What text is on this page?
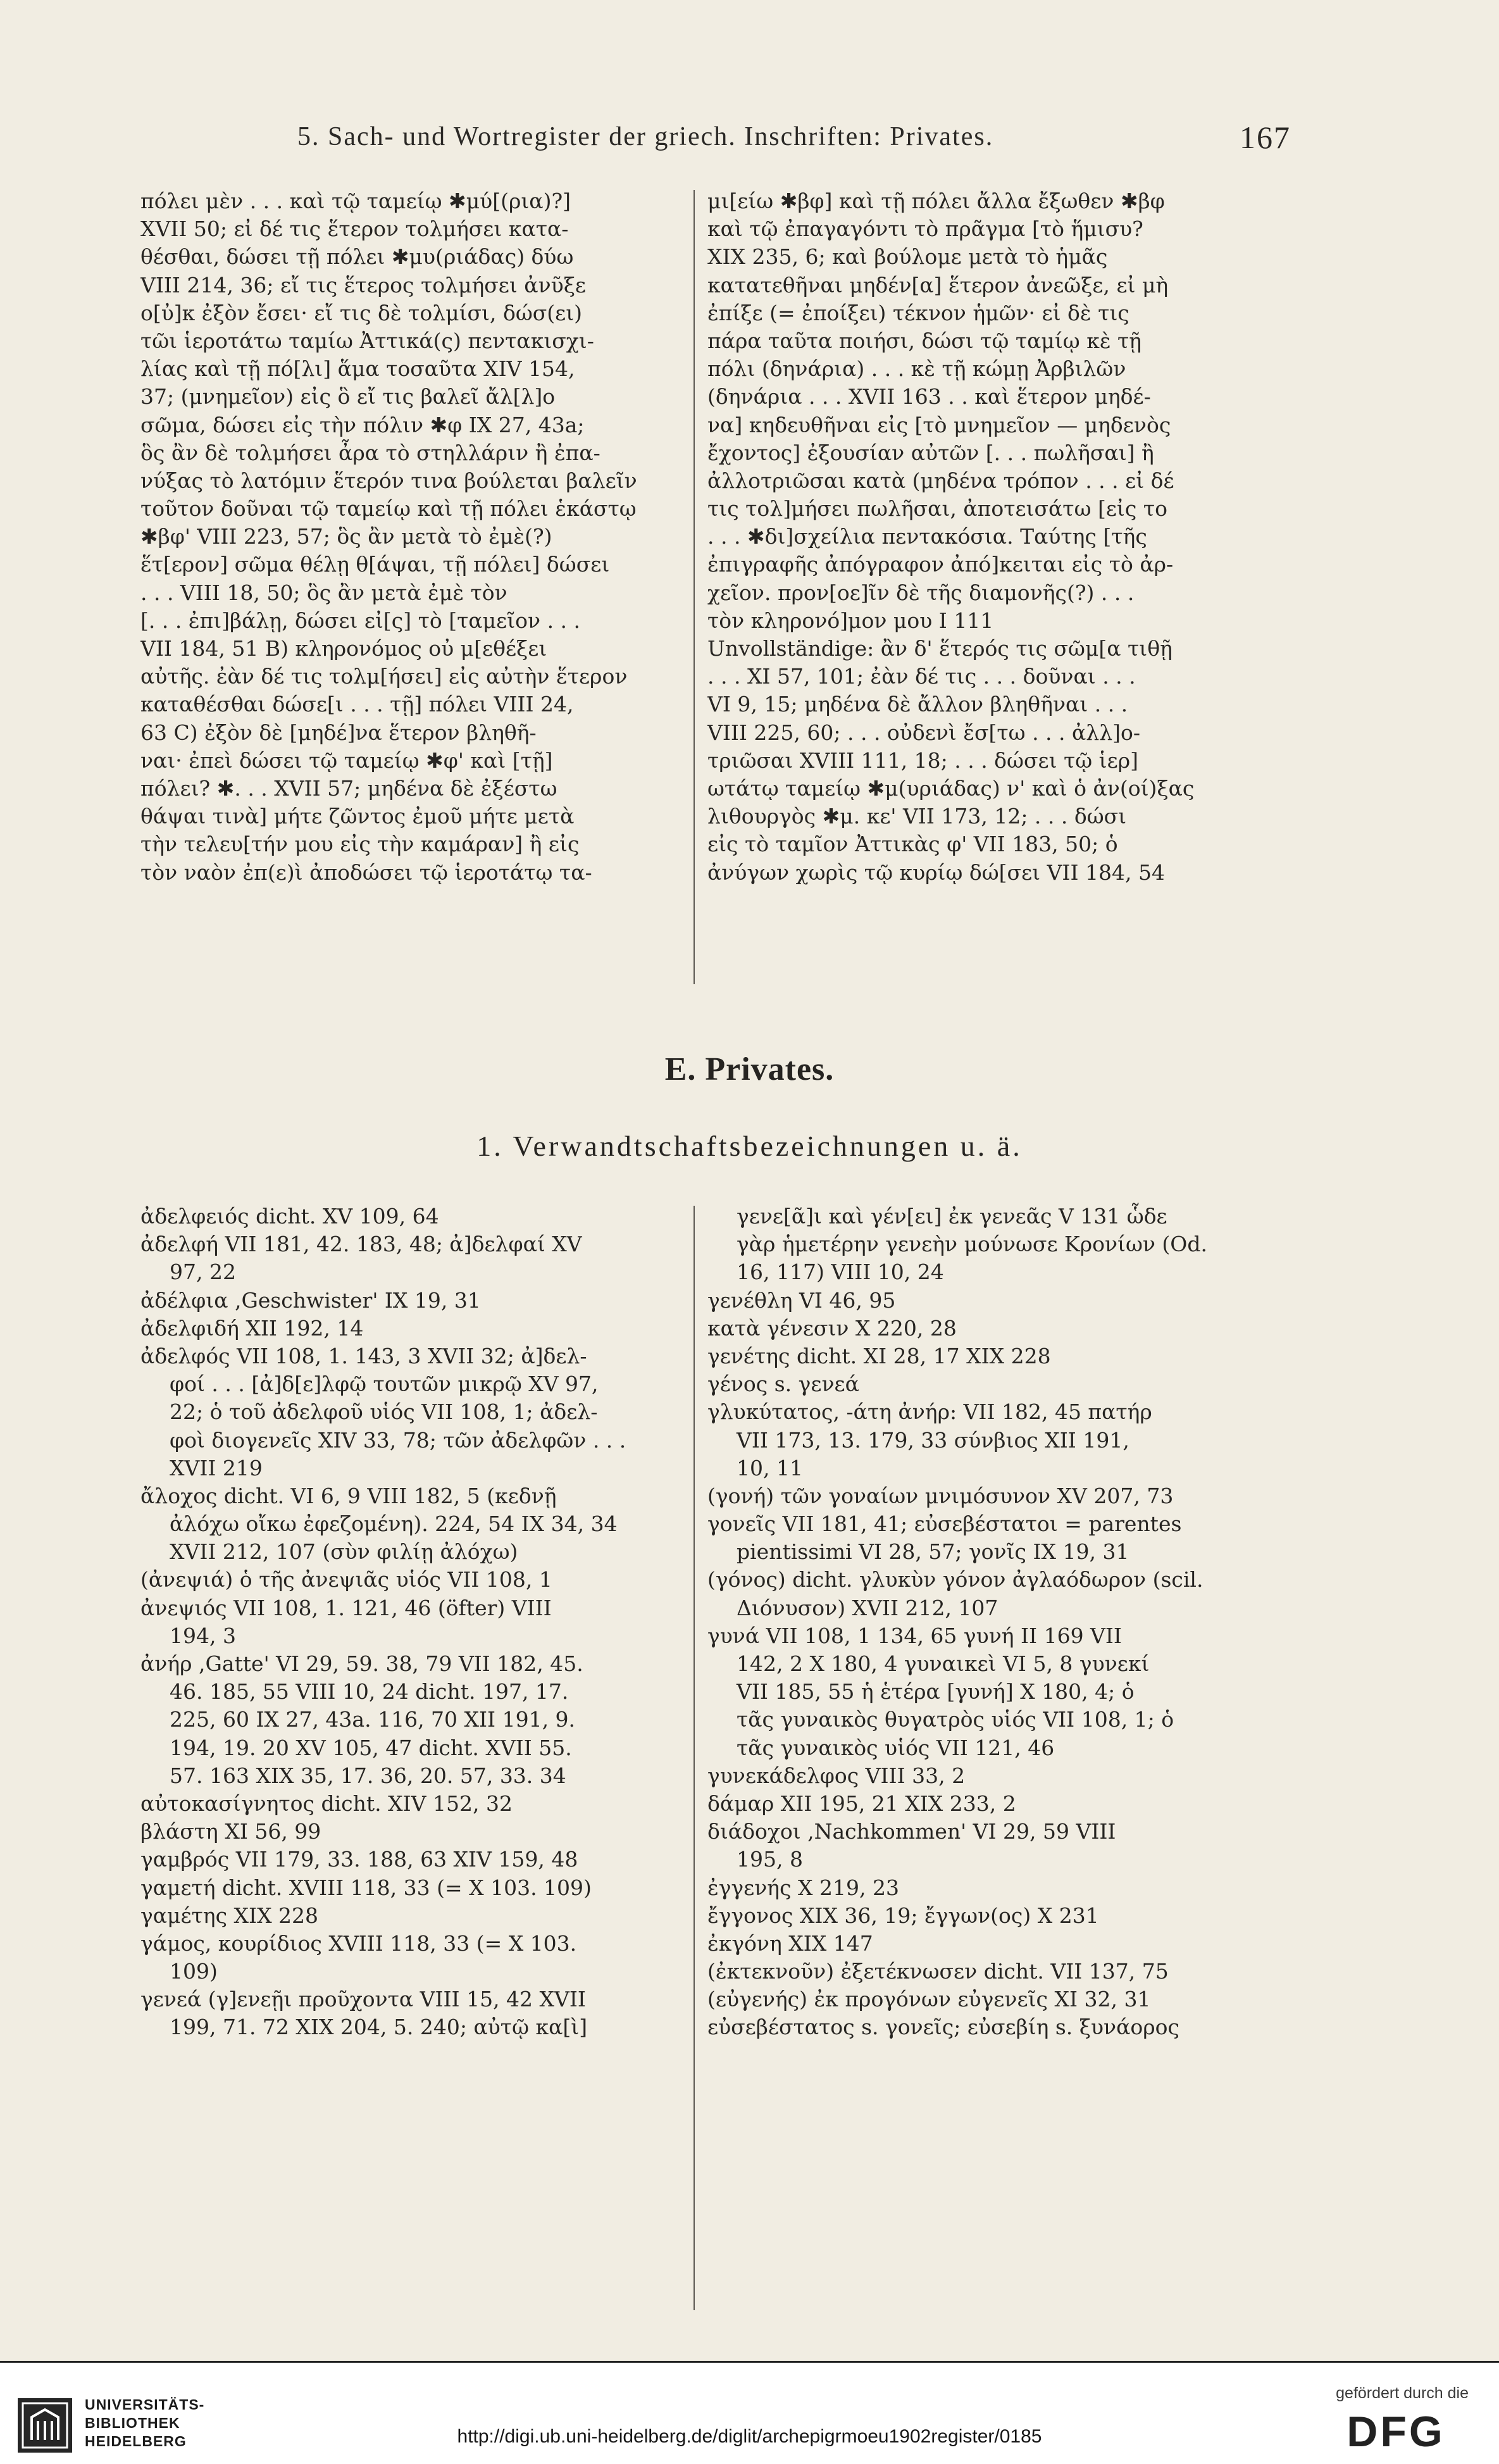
5. Sach- und Wortregister der griech. Inschriften: Privates.	167
πόλει μὲν . . . καὶ τῷ ταμείῳ ✱μύ[(ρια)?]
XVII 50; εἰ δέ τις ἕτερον τολμήσει κατα-
θέσθαι, δώσει τῇ πόλει ✱μυ(ριάδας) δύω
VIII 214, 36; εἴ τις ἕτερος τολμήσει ἀνῦξε
ο[ὐ]κ ἐξὸν ἔσει· εἴ τις δὲ τολμίσι, δώσ(ει)
τῶι ἱεροτάτω ταμίω Ἀττικά(ς) πεντακισχι-
λίας καὶ τῇ πό[λι] ἅμα τοσαῦτα XIV 154,
37; (μνημεῖον) εἰς ὃ εἴ τις βαλεῖ ἄλ[λ]ο
σῶμα, δώσει εἰς τὴν πόλιν ✱φ IX 27, 43a;
ὃς ἂν δὲ τολμήσει ἆρα τὸ στηλλάριν ἢ ἐπα-
νύξας τὸ λατόμιν ἕτερόν τινα βούλεται βαλεῖν
τοῦτον δοῦναι τῷ ταμείῳ καὶ τῇ πόλει ἑκάστῳ
✱βφ' VIII 223, 57; ὃς ἂν μετὰ τὸ ἐμὲ(?)
ἕτ[ερον] σῶμα θέλῃ θ[άψαι, τῇ πόλει] δώσει
. . . VIII 18, 50; ὃς ἂν μετὰ ἐμὲ τὸν
[. . . ἐπι]βάλῃ, δώσει εἰ[ς] τὸ [ταμεῖον . . .
VII 184, 51 B) κληρονόμος οὐ μ[εθέξει
αὐτῆς. ἐὰν δέ τις τολμ[ήσει] εἰς αὐτὴν ἕτερον
καταθέσθαι δώσε[ι . . . τῇ] πόλει VIII 24,
63 C) ἐξὸν δὲ [μηδέ]να ἕτερον βληθῆ-
ναι· ἐπεὶ δώσει τῷ ταμείῳ ✱φ' καὶ [τῇ]
πόλει? ✱. . . XVII 57; μηδένα δὲ ἐξέστω
θάψαι τινὰ] μήτε ζῶντος ἐμοῦ μήτε μετὰ
τὴν τελευ[τήν μου εἰς τὴν καμάραν] ἢ εἰς
τὸν ναὸν ἐπ(ε)ὶ ἀποδώσει τῷ ἱεροτάτῳ τα-
μι[είω ✱βφ] καὶ τῇ πόλει ἄλλα ἔξωθεν ✱βφ
καὶ τῷ ἐπαγαγόντι τὸ πρᾶγμα [τὸ ἥμισυ?
XIX 235, 6; καὶ βούλομε μετὰ τὸ ἡμᾶς
κατατεθῆναι μηδέν[α] ἕτερον ἀνεῶξε, εἰ μὴ
ἐπίξε (= ἐποίξει) τέκνον ἡμῶν· εἰ δὲ τις
πάρα ταῦτα ποιήσι, δώσι τῷ ταμίῳ κὲ τῇ
πόλι (δηνάρια) . . . κὲ τῇ κώμῃ Ἀρβιλῶν
(δηνάρια . . . XVII 163 . . καὶ ἕτερον μηδέ-
να] κηδευθῆναι εἰς [τὸ μνημεῖον — μηδενὸς
ἔχοντος] ἐξουσίαν αὐτῶν [. . . πωλῆσαι] ἢ
ἀλλοτριῶσαι κατὰ (μηδένα τρόπον . . . εἰ δέ
τις τολ]μήσει πωλῆσαι, ἀποτεισάτω [εἰς το
. . . ✱δι]σχείλια πεντακόσια. Ταύτης [τῆς
ἐπιγραφῆς ἀπόγραφον ἀπό]κειται εἰς τὸ ἀρ-
χεῖον. προν[οε]ῖν δὲ τῆς διαμονῆς(?) . . .
τὸν κληρονό]μον μου I 111
Unvollständige: ἂν δ' ἕτερός τις σῶμ[α τιθῇ
. . . XI 57, 101; ἐὰν δέ τις . . . δοῦναι . . .
VI 9, 15; μηδένα δὲ ἄλλον βληθῆναι . . .
VIII 225, 60; . . . οὐδενὶ ἔσ[τω . . . ἀλλ]ο-
τριῶσαι XVIII 111, 18; . . . δώσει τῷ ἱερ]
ωτάτῳ ταμείῳ ✱μ(υριάδας) ν' καὶ ὁ ἀν(οί)ξας
λιθουργὸς ✱μ. κε' VII 173, 12; . . . δώσι
εἰς τὸ ταμῖον Ἀττικὰς φ' VII 183, 50; ὁ
ἀνύγων χωρὶς τῷ κυρίῳ δώ[σει VII 184, 54
E. Privates.
1. Verwandtschaftsbezeichnungen u. ä.
ἀδελφειός dicht. XV 109, 64
ἀδελφή VII 181, 42. 183, 48; ἀ]δελφαί XV
97, 22
ἀδέλφια ,Geschwister' IX 19, 31
ἀδελφιδή XII 192, 14
ἀδελφός VII 108, 1. 143, 3 XVII 32; ἀ]δελ-
φοί . . . [ἀ]δ[ε]λφῷ τουτῶν μικρῷ XV 97,
22; ὁ τοῦ ἀδελφοῦ υἱός VII 108, 1; ἀδελ-
φοὶ διογενεῖς XIV 33, 78; τῶν ἀδελφῶν . . .
XVII 219
ἄλοχος dicht. VI 6, 9 VIII 182, 5 (κεδνῇ
ἀλόχω οἴκω ἐφεζομένη). 224, 54 IX 34, 34
XVII 212, 107 (σὺν φιλίῃ ἀλόχω)
(ἀνεψιά) ὁ τῆς ἀνεψιᾶς υἱός VII 108, 1
ἀνεψιός VII 108, 1. 121, 46 (öfter) VIII
194, 3
ἀνήρ ,Gatte' VI 29, 59. 38, 79 VII 182, 45.
46. 185, 55 VIII 10, 24 dicht. 197, 17.
225, 60 IX 27, 43a. 116, 70 XII 191, 9.
194, 19. 20 XV 105, 47 dicht. XVII 55.
57. 163 XIX 35, 17. 36, 20. 57, 33. 34
αὐτοκασίγνητος dicht. XIV 152, 32
βλάστη XI 56, 99
γαμβρός VII 179, 33. 188, 63 XIV 159, 48
γαμετή dicht. XVIII 118, 33 (= X 103. 109)
γαμέτης XIX 228
γάμος, κουρίδιος XVIII 118, 33 (= X 103.
109)
γενεά (γ]ενεῇι προῦχοντα VIII 15, 42 XVII
199, 71. 72 XIX 204, 5. 240; αὐτῷ κα[ὶ]
γενε[ᾶ]ι καὶ γέν[ει] ἐκ γενεᾶς V 131 ὧδε
γὰρ ἡμετέρην γενεὴν μούνωσε Κρονίων (Od.
16, 117) VIII 10, 24
γενέθλη VI 46, 95
κατὰ γένεσιν X 220, 28
γενέτης dicht. XI 28, 17 XIX 228
γένος s. γενεά
γλυκύτατος, -άτη ἀνήρ: VII 182, 45 πατήρ
VII 173, 13. 179, 33 σύνβιος XII 191,
10, 11
(γονή) τῶν γοναίων μνιμόσυνον XV 207, 73
γονεῖς VII 181, 41; εὐσεβέστατοι = parentes
pientissimi VI 28, 57; γονῖς IX 19, 31
(γόνος) dicht. γλυκὺν γόνον ἀγλαόδωρον (scil.
Διόνυσον) XVII 212, 107
γυνά VII 108, 1 134, 65 γυνή II 169 VII
142, 2 X 180, 4 γυναικεὶ VI 5, 8 γυνεκί
VII 185, 55 ἡ ἑτέρα [γυνή] X 180, 4; ὁ
τᾶς γυναικὸς θυγατρὸς υἱός VII 108, 1; ὁ
τᾶς γυναικὸς υἱός VII 121, 46
γυνεκάδελφος VIII 33, 2
δάμαρ XII 195, 21 XIX 233, 2
διάδοχοι ,Nachkommen' VI 29, 59 VIII
195, 8
ἐγγενής X 219, 23
ἔγγονος XIX 36, 19; ἔγγων(ος) X 231
ἐκγόνη XIX 147
(ἐκτεκνοῦν) ἐξετέκνωσεν dicht. VII 137, 75
(εὐγενής) ἐκ προγόνων εὐγενεῖς XI 32, 31
εὐσεβέστατος s. γονεῖς; εὐσεβίη s. ξυνάορος
UNIVERSITÄTS-
BIBLIOTHEK
HEIDELBERG	http://digi.ub.uni-heidelberg.de/diglit/archepigrmoeu1902register/0185
gefördert durch die
DFG
